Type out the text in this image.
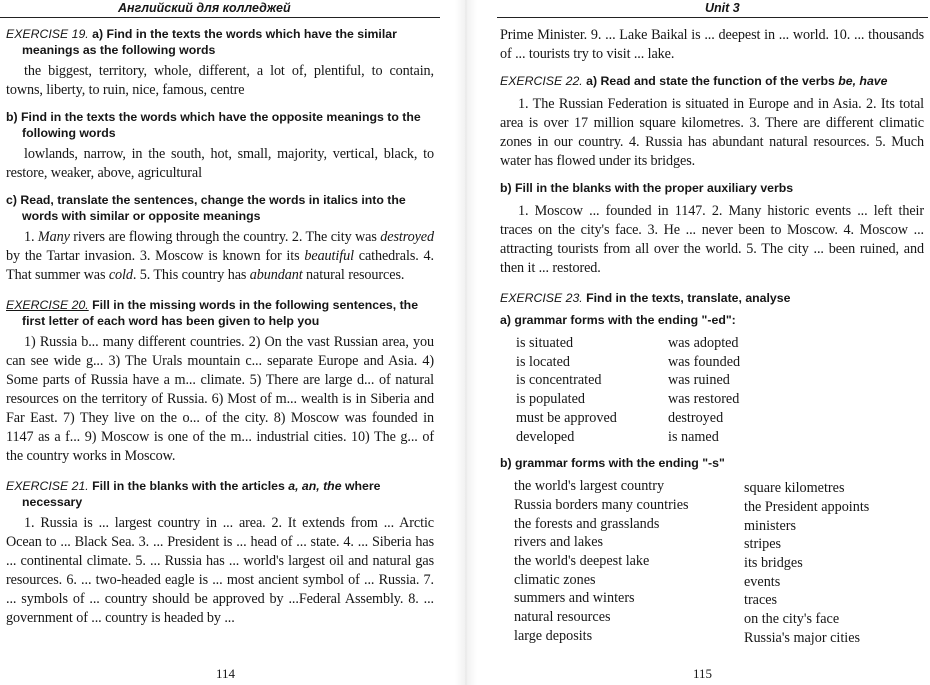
Английский для колледжей

EXERCISE 19. a) Find in the texts the words which have the similar meanings as the following words

the biggest, territory, whole, different, a lot of, plentiful, to contain, towns, liberty, to ruin, nice, famous, centre

b) Find in the texts the words which have the opposite meanings to the following words

lowlands, narrow, in the south, hot, small, majority, vertical, black, to restore, weaker, above, agricultural

c) Read, translate the sentences, change the words in italics into the words with similar or opposite meanings

1. Many rivers are flowing through the country. 2. The city was destroyed by the Tartar invasion. 3. Moscow is known for its beautiful cathedrals. 4. That summer was cold. 5. This country has abundant natural resources.

EXERCISE 20. Fill in the missing words in the following sentences, the first letter of each word has been given to help you

1) Russia b... many different countries. 2) On the vast Russian area, you can see wide g... 3) The Urals mountain c... separate Europe and Asia. 4) Some parts of Russia have a m... climate. 5) There are large d... of natural resources on the territory of Russia. 6) Most of m... wealth is in Siberia and Far East. 7) They live on the o... of the city. 8) Moscow was founded in 1147 as a f... 9) Moscow is one of the m... industrial cities. 10) The g... of the country works in Moscow.

EXERCISE 21. Fill in the blanks with the articles a, an, the where necessary

1. Russia is ... largest country in ... area. 2. It extends from ... Arctic Ocean to ... Black Sea. 3. ... President is ... head of ... state. 4. ... Siberia has ... continental climate. 5. ... Russia has ... world's largest oil and natural gas resources. 6. ... two-headed eagle is ... most ancient symbol of ... Russia. 7. ... symbols of ... country should be approved by ...Federal Assembly. 8. ... government of ... country is headed by ...

114
Unit 3

Prime Minister. 9. ... Lake Baikal is ... deepest in ... world. 10. ... thousands of ... tourists try to visit ... lake.

EXERCISE 22. a) Read and state the function of the verbs be, have

1. The Russian Federation is situated in Europe and in Asia. 2. Its total area is over 17 million square kilometres. 3. There are different climatic zones in our country. 4. Russia has abundant natural resources. 5. Much water has flowed under its bridges.

b) Fill in the blanks with the proper auxiliary verbs

1. Moscow ... founded in 1147. 2. Many historic events ... left their traces on the city's face. 3. He ... never been to Moscow. 4. Moscow ... attracting tourists from all over the world. 5. The city ... been ruined, and then it ... restored.

EXERCISE 23. Find in the texts, translate, analyse

a) grammar forms with the ending "-ed":

is situated
is located
is concentrated
is populated
must be approved
developed
was adopted
was founded
was ruined
was restored
destroyed
is named

b) grammar forms with the ending "-s"

the world's largest country
Russia borders many countries
the forests and grasslands
rivers and lakes
the world's deepest lake
climatic zones
summers and winters
natural resources
large deposits
square kilometres
the President appoints
ministers
stripes
its bridges
events
traces
on the city's face
Russia's major cities
115
